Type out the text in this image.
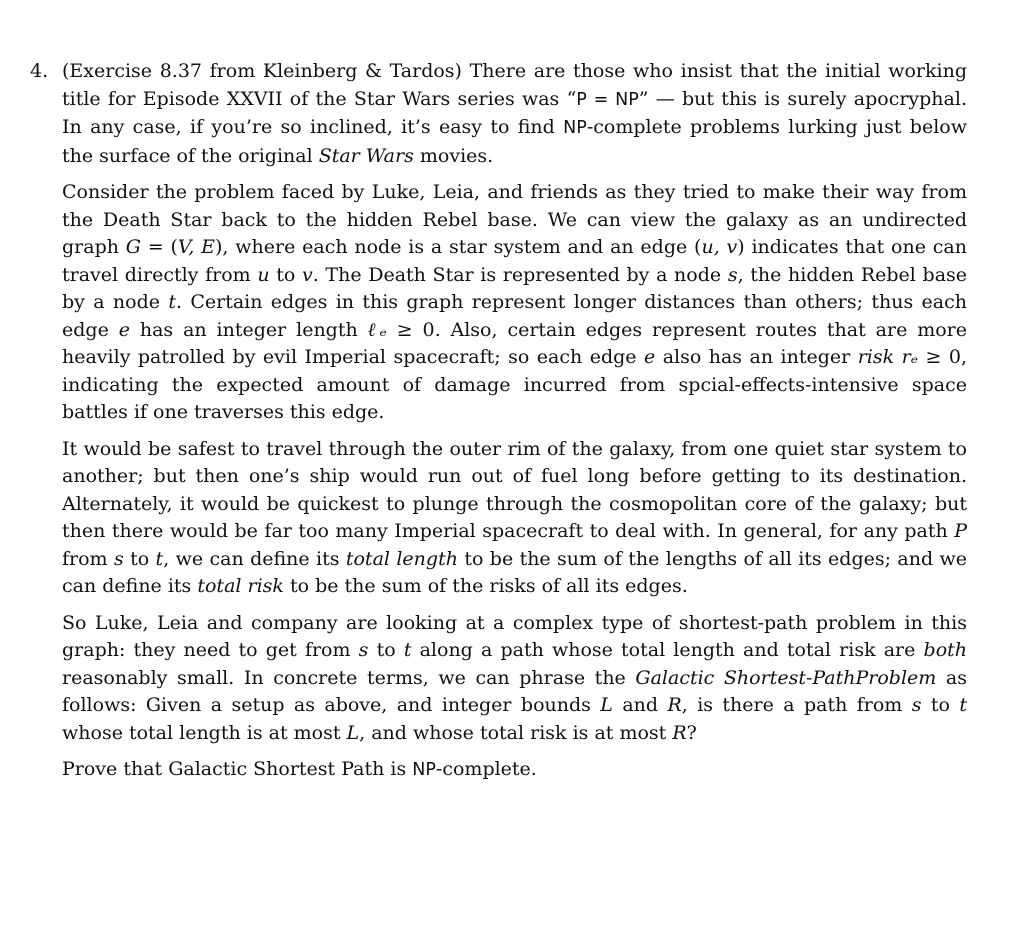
4. (Exercise 8.37 from Kleinberg & Tardos) There are those who insist that the initial working title for Episode XXVII of the Star Wars series was “P = NP” — but this is surely apocryphal. In any case, if you’re so inclined, it’s easy to find NP-complete problems lurking just below the surface of the original Star Wars movies.

Consider the problem faced by Luke, Leia, and friends as they tried to make their way from the Death Star back to the hidden Rebel base. We can view the galaxy as an undirected graph G = (V, E), where each node is a star system and an edge (u, v) indicates that one can travel directly from u to v. The Death Star is represented by a node s, the hidden Rebel base by a node t. Certain edges in this graph represent longer distances than others; thus each edge e has an integer length ℓₑ ≥ 0. Also, certain edges represent routes that are more heavily patrolled by evil Imperial spacecraft; so each edge e also has an integer risk rₑ ≥ 0, indicating the expected amount of damage incurred from spcial-effects-intensive space battles if one traverses this edge.

It would be safest to travel through the outer rim of the galaxy, from one quiet star system to another; but then one’s ship would run out of fuel long before getting to its destination. Alternately, it would be quickest to plunge through the cosmopolitan core of the galaxy; but then there would be far too many Imperial spacecraft to deal with. In general, for any path P from s to t, we can define its total length to be the sum of the lengths of all its edges; and we can define its total risk to be the sum of the risks of all its edges.

So Luke, Leia and company are looking at a complex type of shortest-path problem in this graph: they need to get from s to t along a path whose total length and total risk are both reasonably small. In concrete terms, we can phrase the Galactic Shortest-PathProblem as follows: Given a setup as above, and integer bounds L and R, is there a path from s to t whose total length is at most L, and whose total risk is at most R?

Prove that Galactic Shortest Path is NP-complete.
